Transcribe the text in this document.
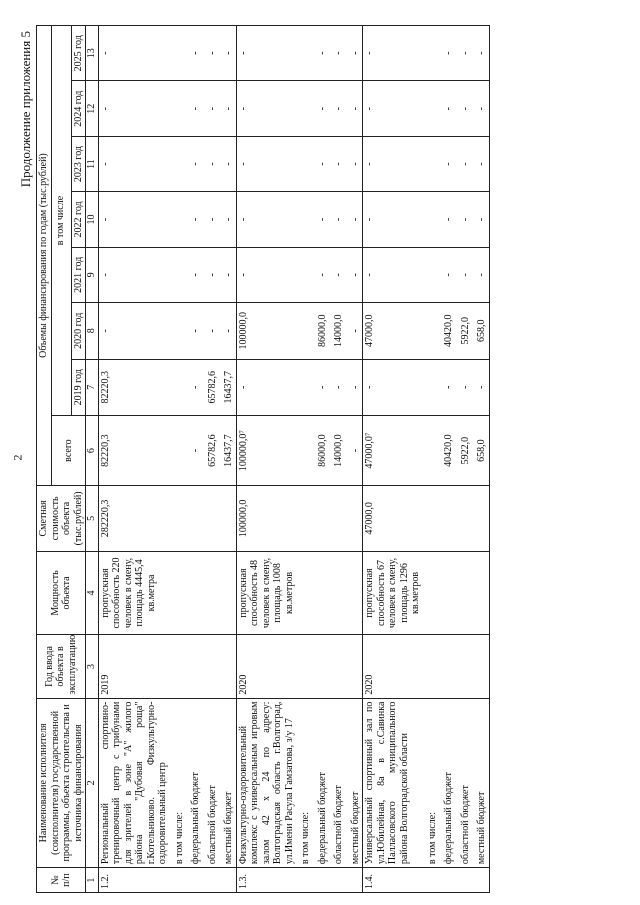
2
Продолжение приложения 5
№ п/п	Наименование исполнителя (соисполнителя) государственной программы, объекта строительства и источника финансирования	Год ввода объекта в эксплуатацию	Мощность объекта	Сметная стоимость объекта (тыс.рублей)	Объемы финансирования по годам (тыс.рублей)							
					всего	в том числе						
						2019 год	2020 год	2021 год	2022 год	2023 год	2024 год	2025 год
1	2	3	4	5	6	7	8	9	10	11	12	13
1.2.	Региональный спортивно-тренировочный центр с трибунами для зрителей в зоне "А" жилого района "Дубовая роща" г.Котельниково. Физкультурно-оздоровительный центр	2019	пропускная способность 220 человек в смену, площадь 4445,4 кв.метра	282220,3	82220,3	82220,3	-	-	-	-	-	-
	в том числе:											
	федеральный бюджет				-	-	-	-	-	-	-	-
	областной бюджет				65782,6	65782,6	-	-	-	-	-	-
	местный бюджет				16437,7	16437,7	-	-	-	-	-	-
1.3.	Физкультурно-оздоровительный комплекс с универсальным игровым залом 42 х 24 по адресу: Волгоградская область г.Волгоград, ул.Имени Расула Гамзатова, з/у 17	2020	пропускная способность 48 человек в смену, площадь 1008 кв.метров	100000,0	100000,0⁷	-	100000,0	-	-	-	-	-
	в том числе:											
	федеральный бюджет				86000,0	-	86000,0	-	-	-	-	-
	областной бюджет				14000,0	-	14000,0	-	-	-	-	-
	местный бюджет				-	-	-	-	-	-	-	-
1.4.	Универсальный спортивный зал по ул.Юбилейная, 8а в с.Савинка Палласовского муниципального района Волгоградской области	2020	пропускная способность 67 человек в смену, площадь 1296 кв.метров	47000,0	47000,0⁷	-	47000,0	-	-	-	-	-
	в том числе:											
	федеральный бюджет				40420,0	-	40420,0	-	-	-	-	-
	областной бюджет				5922,0	-	5922,0	-	-	-	-	-
	местный бюджет				658,0	-	658,0	-	-	-	-	-
